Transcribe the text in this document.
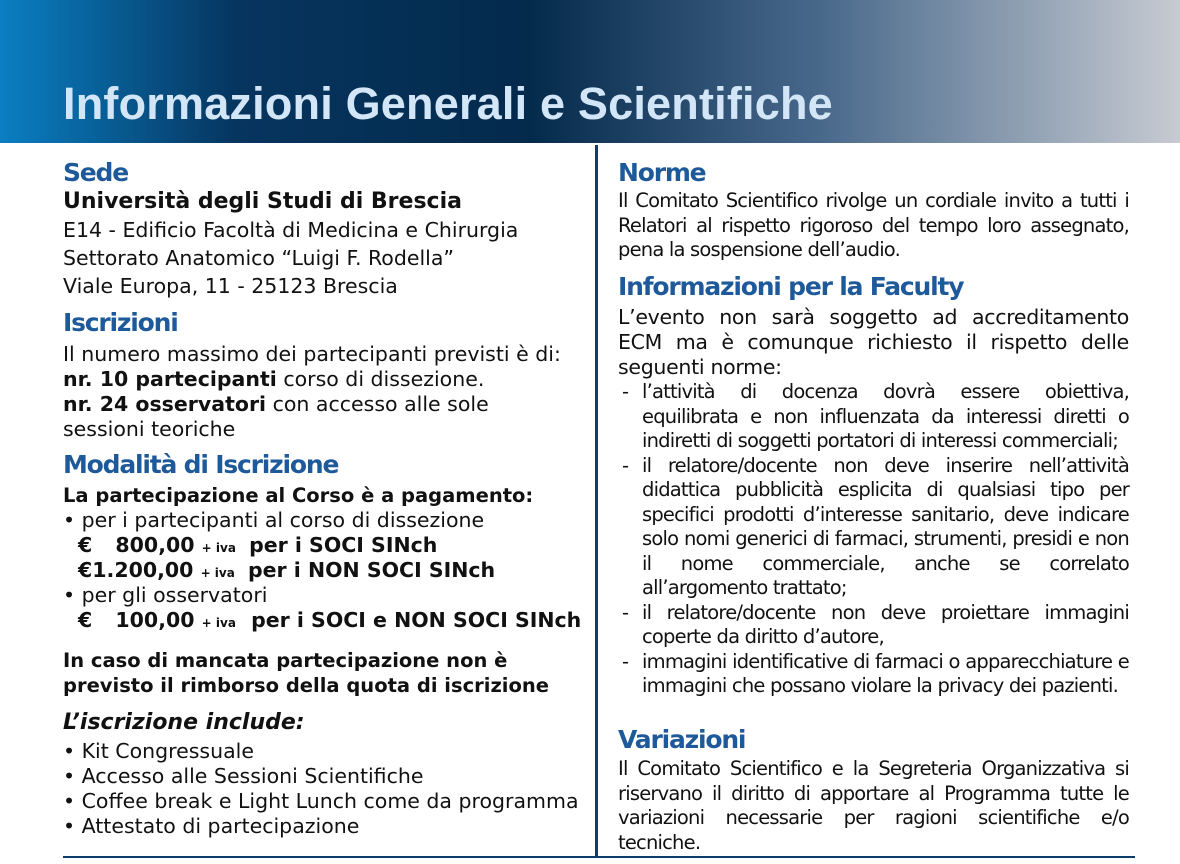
Informazioni Generali e Scientifiche
Sede
Università degli Studi di Brescia
E14 - Edificio Facoltà di Medicina e Chirurgia
Settorato Anatomico “Luigi F. Rodella”
Viale Europa, 11 - 25123 Brescia
Iscrizioni
Il numero massimo dei partecipanti previsti è di:
nr. 10 partecipanti corso di dissezione.
nr. 24 osservatori con accesso alle sole
sessioni teoriche
Modalità di Iscrizione
La partecipazione al Corso è a pagamento:
• per i partecipanti al corso di dissezione
€ 800,00 + iva per i SOCI SINch
€1.200,00 + iva per i NON SOCI SINch
• per gli osservatori
€ 100,00 + iva per i SOCI e NON SOCI SINch
In caso di mancata partecipazione non è
previsto il rimborso della quota di iscrizione
L’iscrizione include:
• Kit Congressuale
• Accesso alle Sessioni Scientifiche
• Coffee break e Light Lunch come da programma
• Attestato di partecipazione
Norme
Il Comitato Scientifico rivolge un cordiale invito a tutti i Relatori al rispetto rigoroso del tempo loro assegnato, pena la sospensione dell’audio.
Informazioni per la Faculty
L’evento non sarà soggetto ad accreditamento ECM ma è comunque richiesto il rispetto delle seguenti norme:
- l’attività di docenza dovrà essere obiettiva, equilibrata e non influenzata da interessi diretti o indiretti di soggetti portatori di interessi commerciali;
- il relatore/docente non deve inserire nell’attività didattica pubblicità esplicita di qualsiasi tipo per specifici prodotti d’interesse sanitario, deve indicare solo nomi generici di farmaci, strumenti, presidi e non il nome commerciale, anche se correlato all’argomento trattato;
- il relatore/docente non deve proiettare immagini coperte da diritto d’autore,
- immagini identificative di farmaci o apparecchiature e immagini che possano violare la privacy dei pazienti.
Variazioni
Il Comitato Scientifico e la Segreteria Organizzativa si riservano il diritto di apportare al Programma tutte le variazioni necessarie per ragioni scientifiche e/o tecniche.
